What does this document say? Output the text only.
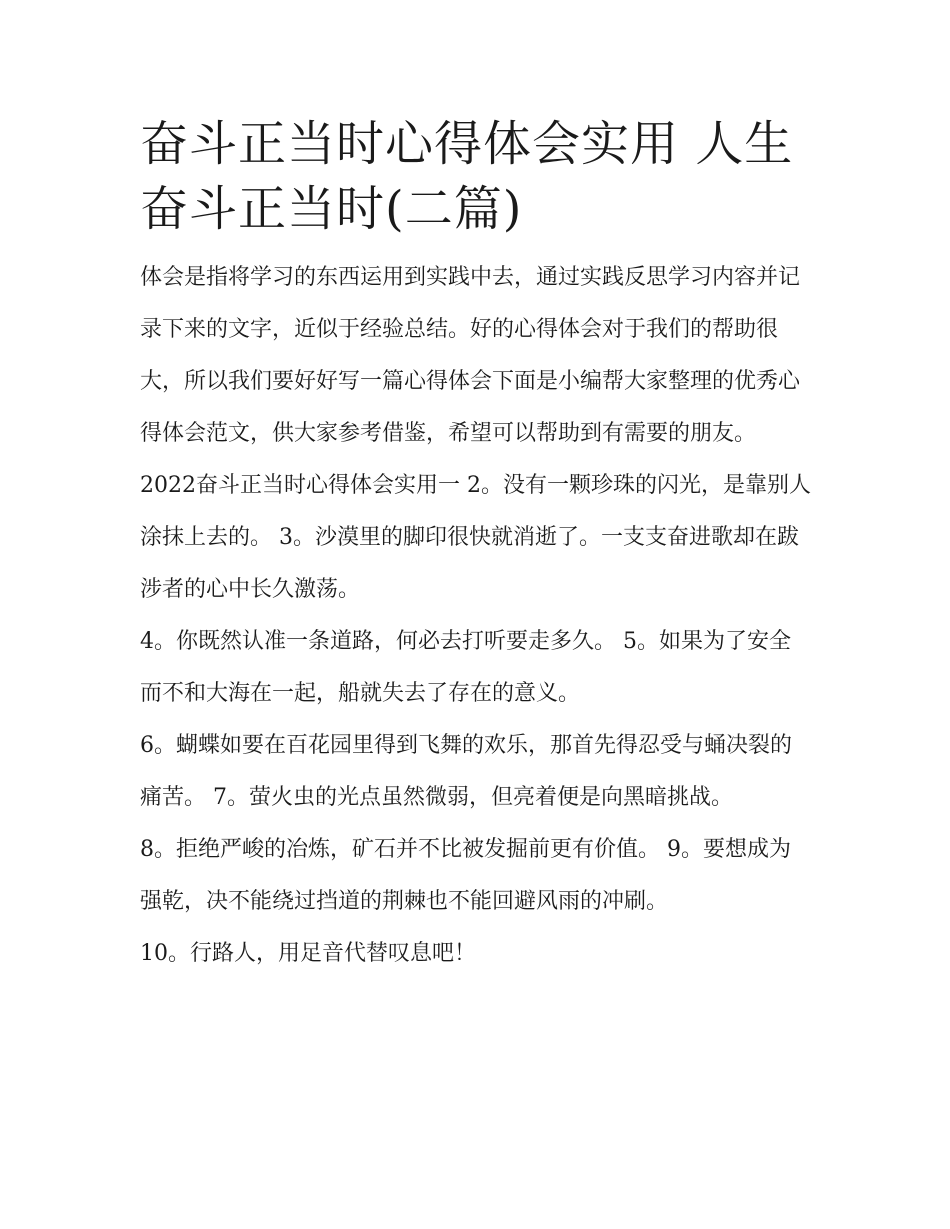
奋斗正当时心得体会实用 人生奋斗正当时(二篇)

体会是指将学习的东西运用到实践中去，通过实践反思学习内容并记录下来的文字，近似于经验总结。好的心得体会对于我们的帮助很大，所以我们要好好写一篇心得体会下面是小编帮大家整理的优秀心得体会范文，供大家参考借鉴，希望可以帮助到有需要的朋友。

2022奋斗正当时心得体会实用一 2。没有一颗珍珠的闪光，是靠别人涂抹上去的。 3。沙漠里的脚印很快就消逝了。一支支奋进歌却在跋涉者的心中长久激荡。

4。你既然认准一条道路，何必去打听要走多久。 5。如果为了安全而不和大海在一起，船就失去了存在的意义。

6。蝴蝶如要在百花园里得到飞舞的欢乐，那首先得忍受与蛹决裂的痛苦。 7。萤火虫的光点虽然微弱，但亮着便是向黑暗挑战。

8。拒绝严峻的冶炼，矿石并不比被发掘前更有价值。 9。要想成为强乾，决不能绕过挡道的荆棘也不能回避风雨的冲刷。

10。行路人，用足音代替叹息吧！
